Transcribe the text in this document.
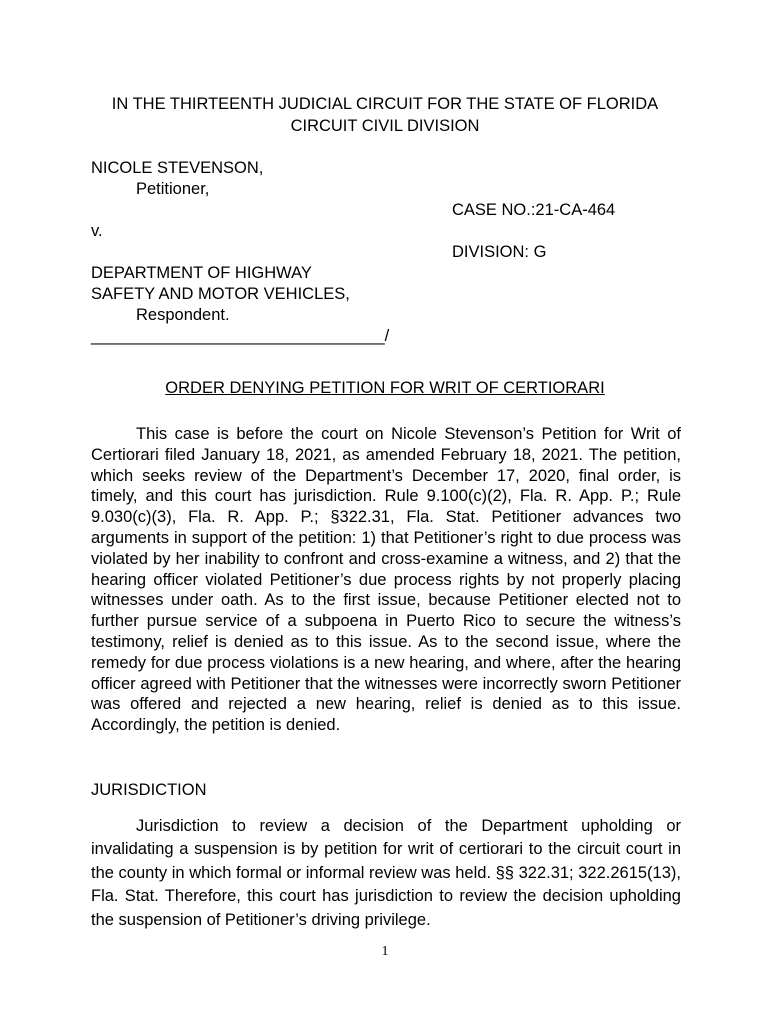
IN THE THIRTEENTH JUDICIAL CIRCUIT FOR THE STATE OF FLORIDA
CIRCUIT CIVIL DIVISION
NICOLE STEVENSON,
Petitioner,
CASE NO.:21-CA-464
v.
DIVISION: G
DEPARTMENT OF HIGHWAY
SAFETY AND MOTOR VEHICLES,
Respondent.
________________________________/
ORDER DENYING PETITION FOR WRIT OF CERTIORARI
This case is before the court on Nicole Stevenson’s Petition for Writ of Certiorari filed January 18, 2021, as amended February 18, 2021. The petition, which seeks review of the Department’s December 17, 2020, final order, is timely, and this court has jurisdiction. Rule 9.100(c)(2), Fla. R. App. P.; Rule 9.030(c)(3), Fla. R. App. P.; §322.31, Fla. Stat. Petitioner advances two arguments in support of the petition: 1) that Petitioner’s right to due process was violated by her inability to confront and cross-examine a witness, and 2) that the hearing officer violated Petitioner’s due process rights by not properly placing witnesses under oath. As to the first issue, because Petitioner elected not to further pursue service of a subpoena in Puerto Rico to secure the witness’s testimony, relief is denied as to this issue. As to the second issue, where the remedy for due process violations is a new hearing, and where, after the hearing officer agreed with Petitioner that the witnesses were incorrectly sworn Petitioner was offered and rejected a new hearing, relief is denied as to this issue. Accordingly, the petition is denied.
JURISDICTION
Jurisdiction to review a decision of the Department upholding or invalidating a suspension is by petition for writ of certiorari to the circuit court in the county in which formal or informal review was held. §§ 322.31; 322.2615(13), Fla. Stat. Therefore, this court has jurisdiction to review the decision upholding the suspension of Petitioner’s driving privilege.
1
